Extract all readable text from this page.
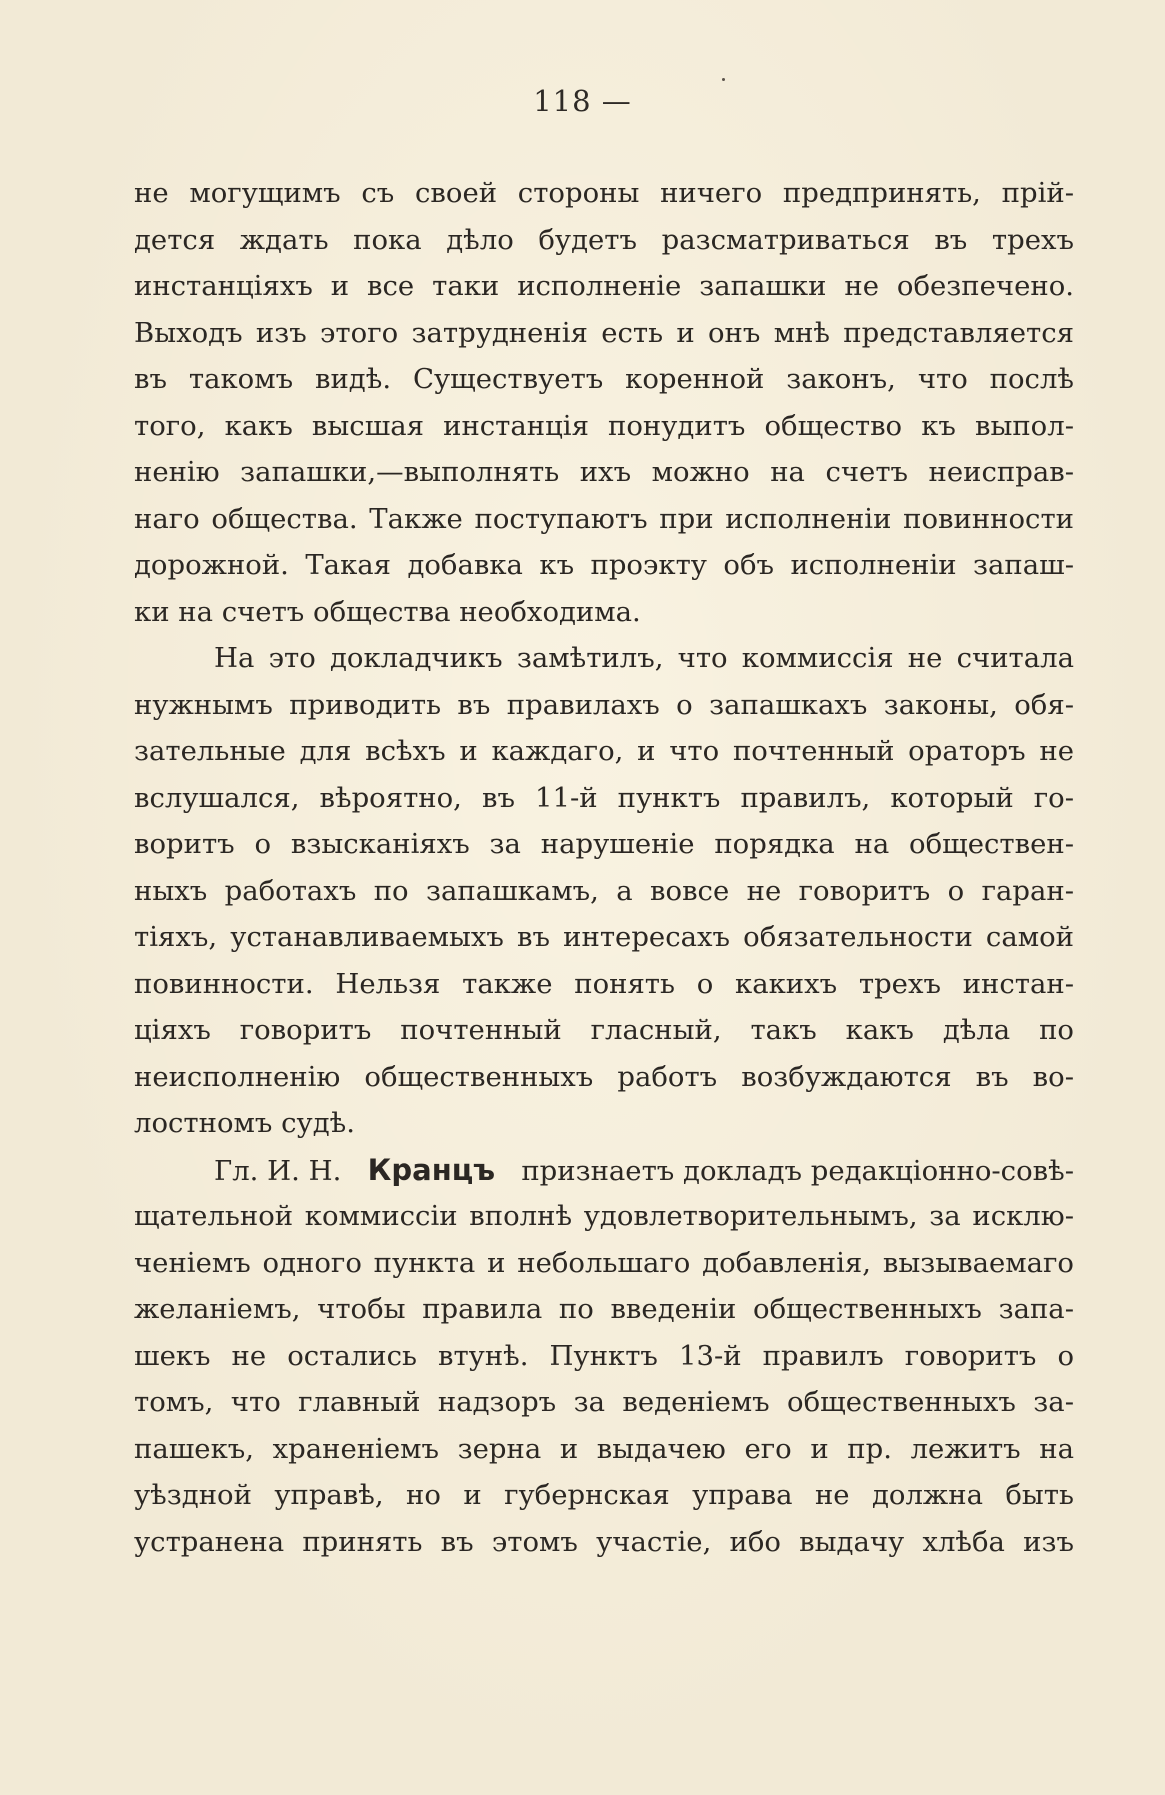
118 —
не могущимъ съ своей стороны ничего предпринять, прій-
дется ждать пока дѣло будетъ разсматриваться въ трехъ
инстанціяхъ и все таки исполненіе запашки не обезпечено.
Выходъ изъ этого затрудненія есть и онъ мнѣ представляется
въ такомъ видѣ. Существуетъ коренной законъ, что послѣ
того, какъ высшая инстанція понудитъ общество къ выпол-
ненію запашки,—выполнять ихъ можно на счетъ неисправ-
наго общества. Также поступаютъ при исполненіи повинности
дорожной. Такая добавка къ проэкту объ исполненіи запаш-
ки на счетъ общества необходима.
На это докладчикъ замѣтилъ, что коммиссія не считала
нужнымъ приводить въ правилахъ о запашкахъ законы, обя-
зательные для всѣхъ и каждаго, и что почтенный ораторъ не
вслушался, вѣроятно, въ 11-й пунктъ правилъ, который го-
воритъ о взысканіяхъ за нарушеніе порядка на обществен-
ныхъ работахъ по запашкамъ, а вовсе не говоритъ о гаран-
тіяхъ, устанавливаемыхъ въ интересахъ обязательности самой
повинности. Нельзя также понять о какихъ трехъ инстан-
ціяхъ говоритъ почтенный гласный, такъ какъ дѣла по
неисполненію общественныхъ работъ возбуждаются въ во-
лостномъ судѣ.
Гл. И. Н. Кранцъ признаетъ докладъ редакціонно-совѣ-
щательной коммиссіи вполнѣ удовлетворительнымъ, за исклю-
ченіемъ одного пункта и небольшаго добавленія, вызываемаго
желаніемъ, чтобы правила по введеніи общественныхъ запа-
шекъ не остались втунѣ. Пунктъ 13-й правилъ говоритъ о
томъ, что главный надзоръ за веденіемъ общественныхъ за-
пашекъ, храненіемъ зерна и выдачею его и пр. лежитъ на
уѣздной управѣ, но и губернская управа не должна быть
устранена принять въ этомъ участіе, ибо выдачу хлѣба изъ
